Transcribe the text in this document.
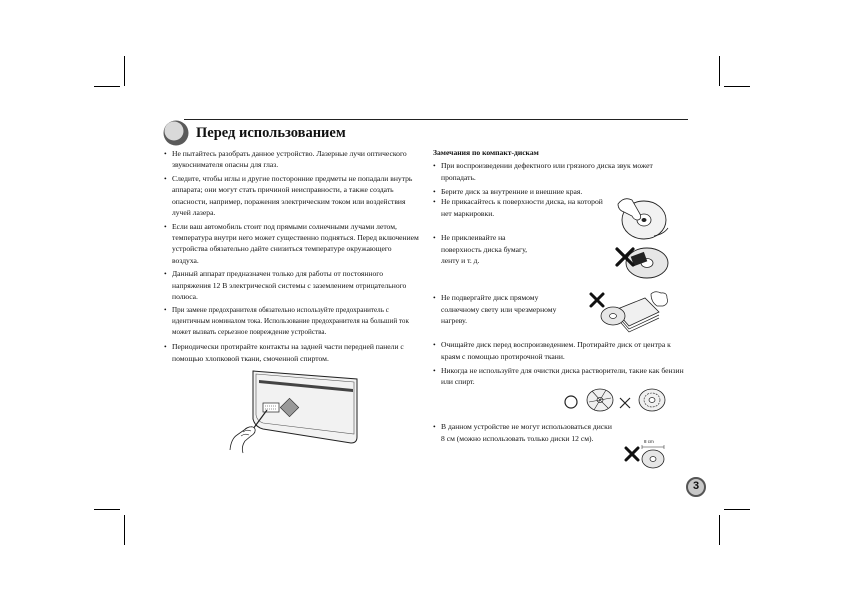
Перед использованием
• Не пытайтесь разобрать данное устройство. Лазерные лучи оптического звукоснимателя опасны для глаз.
• Следите, чтобы иглы и другие посторонние предметы не попадали внутрь аппарата; они могут стать причиной неисправности, а также создать опасности, например, поражения электрическим током или воздействия лучей лазера.
• Если ваш автомобиль стоит под прямыми солнечными лучами летом, температура внутри него может существенно подняться. Перед включением устройства обязательно дайте снизиться температуре окружающего воздуха.
• Данный аппарат предназначен только для работы от постоянного напряжения 12 В электрической системы с заземлением отрицательного полюса.
• При замене предохранителя обязательно используйте предохранитель с идентичным номиналом тока. Использование предохранителя на больший ток может вызвать серьезное повреждение устройства.
• Периодически протирайте контакты на задней части передней панели с помощью хлопковой ткани, смоченной спиртом.
Замечания по компакт-дискам
• При воспроизведении дефектного или грязного диска звук может пропадать.
• Берите диск за внутренние и внешние края.
• Не прикасайтесь к поверхности диска, на которой нет маркировки.
• Не приклеивайте на поверхность диска бумагу, ленту и т. д.
• Не подвергайте диск прямому солнечному свету или чрезмерному нагреву.
• Очищайте диск перед воспроизведением. Протирайте диск от центра к краям с помощью протирочной ткани.
• Никогда не используйте для очистки диска растворители, такие как бензин или спирт.
• В данном устройстве не могут использоваться диски 8 см (можно использовать только диски 12 см).	8 cm
3
